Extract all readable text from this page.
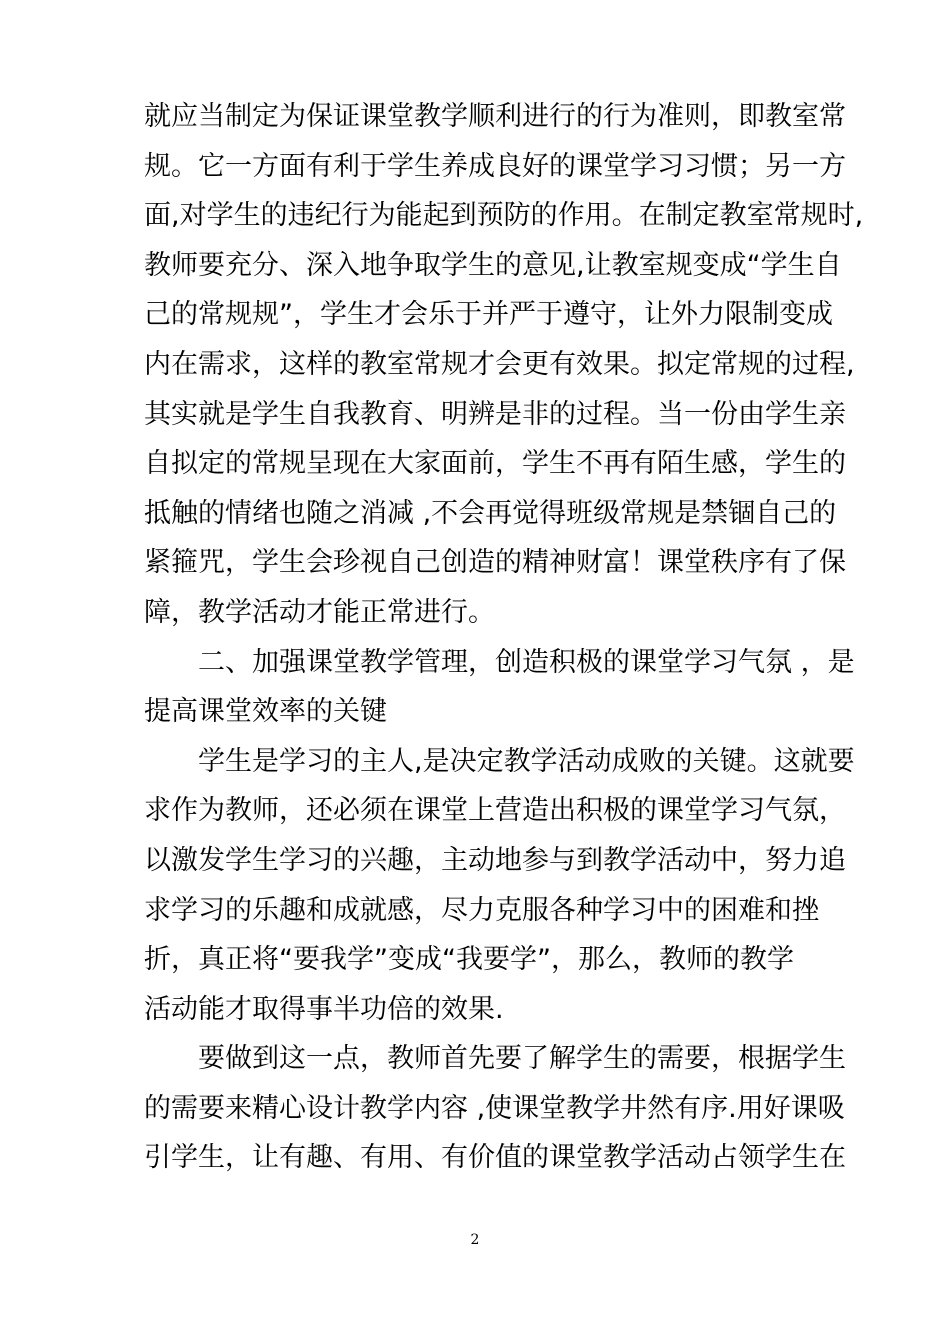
就应当制定为保证课堂教学顺利进行的行为准则，即教室常
规。它一方面有利于学生养成良好的课堂学习习惯；另一方
面,对学生的违纪行为能起到预防的作用。在制定教室常规时,
教师要充分、深入地争取学生的意见,让教室规变成“学生自
己的常规规”，学生才会乐于并严于遵守，让外力限制变成
内在需求，这样的教室常规才会更有效果。拟定常规的过程,
其实就是学生自我教育、明辨是非的过程。当一份由学生亲
自拟定的常规呈现在大家面前，学生不再有陌生感，学生的
抵触的情绪也随之消减 ,不会再觉得班级常规是禁锢自己的
紧箍咒，学生会珍视自己创造的精神财富！课堂秩序有了保
障，教学活动才能正常进行。
二、加强课堂教学管理，创造积极的课堂学习气氛 ，是
提高课堂效率的关键
学生是学习的主人,是决定教学活动成败的关键。这就要
求作为教师，还必须在课堂上营造出积极的课堂学习气氛，
以激发学生学习的兴趣，主动地参与到教学活动中，努力追
求学习的乐趣和成就感，尽力克服各种学习中的困难和挫
折，真正将“要我学”变成“我要学”，那么，教师的教学
活动能才取得事半功倍的效果.
要做到这一点，教师首先要了解学生的需要，根据学生
的需要来精心设计教学内容 ,使课堂教学井然有序.用好课吸
引学生，让有趣、有用、有价值的课堂教学活动占领学生在
2
